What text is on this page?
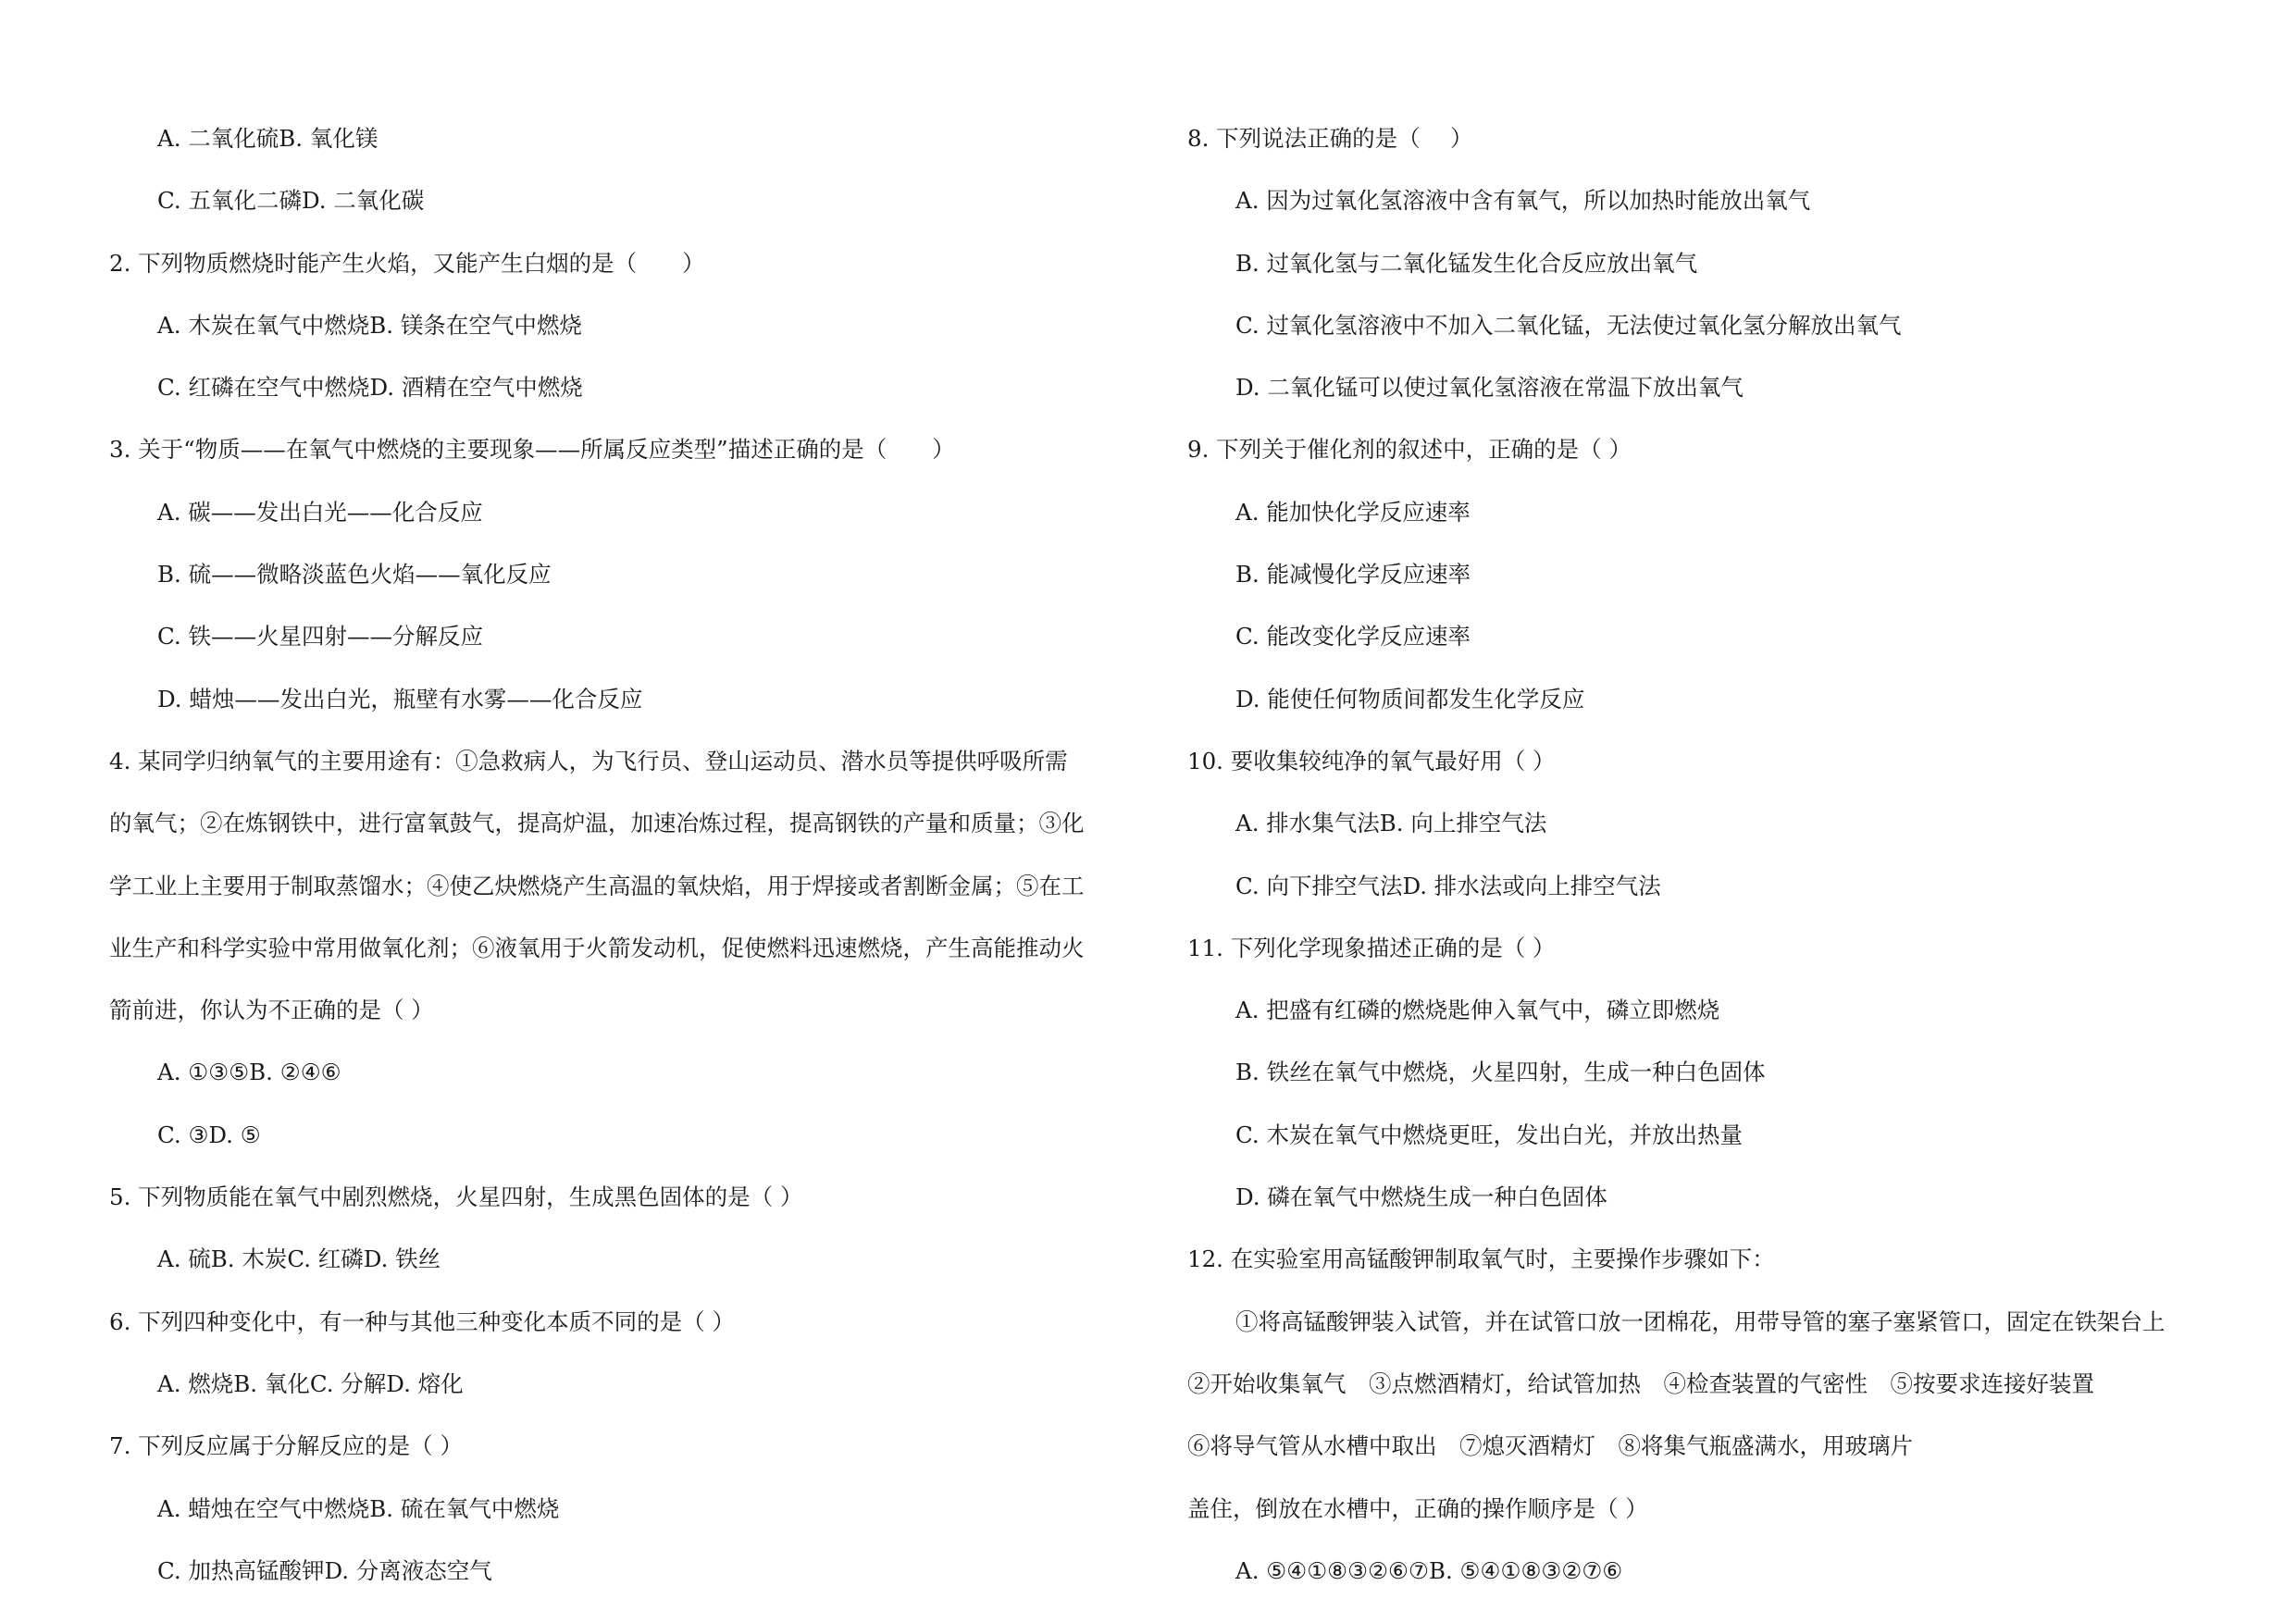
A. 二氧化硫B. 氧化镁
C. 五氧化二磷D. 二氧化碳
2. 下列物质燃烧时能产生火焰，又能产生白烟的是（　　）
A. 木炭在氧气中燃烧B. 镁条在空气中燃烧
C. 红磷在空气中燃烧D. 酒精在空气中燃烧
3. 关于“物质——在氧气中燃烧的主要现象——所属反应类型”描述正确的是（　　）
A. 碳——发出白光——化合反应
B. 硫——微略淡蓝色火焰——氧化反应
C. 铁——火星四射——分解反应
D. 蜡烛——发出白光，瓶壁有水雾——化合反应
4. 某同学归纳氧气的主要用途有：①急救病人，为飞行员、登山运动员、潜水员等提供呼吸所需
的氧气；②在炼钢铁中，进行富氧鼓气，提高炉温，加速冶炼过程，提高钢铁的产量和质量；③化
学工业上主要用于制取蒸馏水；④使乙炔燃烧产生高温的氧炔焰，用于焊接或者割断金属；⑤在工
业生产和科学实验中常用做氧化剂；⑥液氧用于火箭发动机，促使燃料迅速燃烧，产生高能推动火
箭前进，你认为不正确的是（ ）
A. ①③⑤B. ②④⑥
C. ③D. ⑤
5. 下列物质能在氧气中剧烈燃烧，火星四射，生成黑色固体的是（ ）
A. 硫B. 木炭C. 红磷D. 铁丝
6. 下列四种变化中，有一种与其他三种变化本质不同的是（ ）
A. 燃烧B. 氧化C. 分解D. 熔化
7. 下列反应属于分解反应的是（ ）
A. 蜡烛在空气中燃烧B. 硫在氧气中燃烧
C. 加热高锰酸钾D. 分离液态空气
8. 下列说法正确的是（　 ）
A. 因为过氧化氢溶液中含有氧气，所以加热时能放出氧气
B. 过氧化氢与二氧化锰发生化合反应放出氧气
C. 过氧化氢溶液中不加入二氧化锰，无法使过氧化氢分解放出氧气
D. 二氧化锰可以使过氧化氢溶液在常温下放出氧气
9. 下列关于催化剂的叙述中，正确的是（ ）
A. 能加快化学反应速率
B. 能减慢化学反应速率
C. 能改变化学反应速率
D. 能使任何物质间都发生化学反应
10. 要收集较纯净的氧气最好用（ ）
A. 排水集气法B. 向上排空气法
C. 向下排空气法D. 排水法或向上排空气法
11. 下列化学现象描述正确的是（ ）
A. 把盛有红磷的燃烧匙伸入氧气中，磷立即燃烧
B. 铁丝在氧气中燃烧，火星四射，生成一种白色固体
C. 木炭在氧气中燃烧更旺，发出白光，并放出热量
D. 磷在氧气中燃烧生成一种白色固体
12. 在实验室用高锰酸钾制取氧气时，主要操作步骤如下：
①将高锰酸钾装入试管，并在试管口放一团棉花，用带导管的塞子塞紧管口，固定在铁架台上
②开始收集氧气　③点燃酒精灯，给试管加热　④检查装置的气密性　⑤按要求连接好装置
⑥将导气管从水槽中取出　⑦熄灭酒精灯　⑧将集气瓶盛满水，用玻璃片
盖住，倒放在水槽中，正确的操作顺序是（ ）
A. ⑤④①⑧③②⑥⑦B. ⑤④①⑧③②⑦⑥
